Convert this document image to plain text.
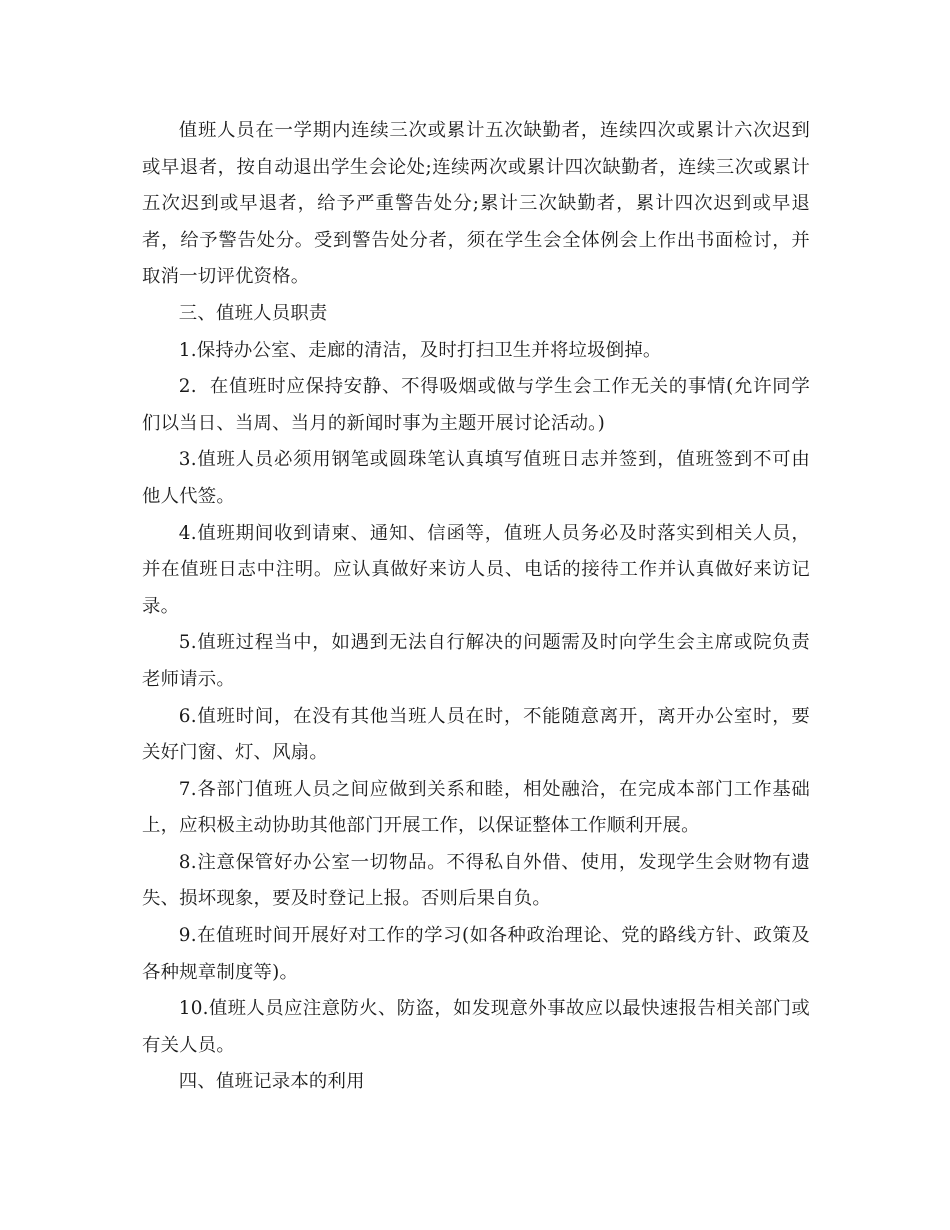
值班人员在一学期内连续三次或累计五次缺勤者，连续四次或累计六次迟到或早退者，按自动退出学生会论处;连续两次或累计四次缺勤者，连续三次或累计五次迟到或早退者，给予严重警告处分;累计三次缺勤者，累计四次迟到或早退者，给予警告处分。受到警告处分者，须在学生会全体例会上作出书面检讨，并取消一切评优资格。

三、值班人员职责

1.保持办公室、走廊的清洁，及时打扫卫生并将垃圾倒掉。

2.  在值班时应保持安静、不得吸烟或做与学生会工作无关的事情(允许同学们以当日、当周、当月的新闻时事为主题开展讨论活动。)

3.值班人员必须用钢笔或圆珠笔认真填写值班日志并签到，值班签到不可由他人代签。

4.值班期间收到请柬、通知、信函等，值班人员务必及时落实到相关人员，并在值班日志中注明。应认真做好来访人员、电话的接待工作并认真做好来访记录。

5.值班过程当中，如遇到无法自行解决的问题需及时向学生会主席或院负责老师请示。

6.值班时间，在没有其他当班人员在时，不能随意离开，离开办公室时，要关好门窗、灯、风扇。

7.各部门值班人员之间应做到关系和睦，相处融洽，在完成本部门工作基础上，应积极主动协助其他部门开展工作，以保证整体工作顺利开展。

8.注意保管好办公室一切物品。不得私自外借、使用，发现学生会财物有遗失、损坏现象，要及时登记上报。否则后果自负。

9.在值班时间开展好对工作的学习(如各种政治理论、党的路线方针、政策及各种规章制度等)。

10.值班人员应注意防火、防盗，如发现意外事故应以最快速报告相关部门或有关人员。

四、值班记录本的利用
